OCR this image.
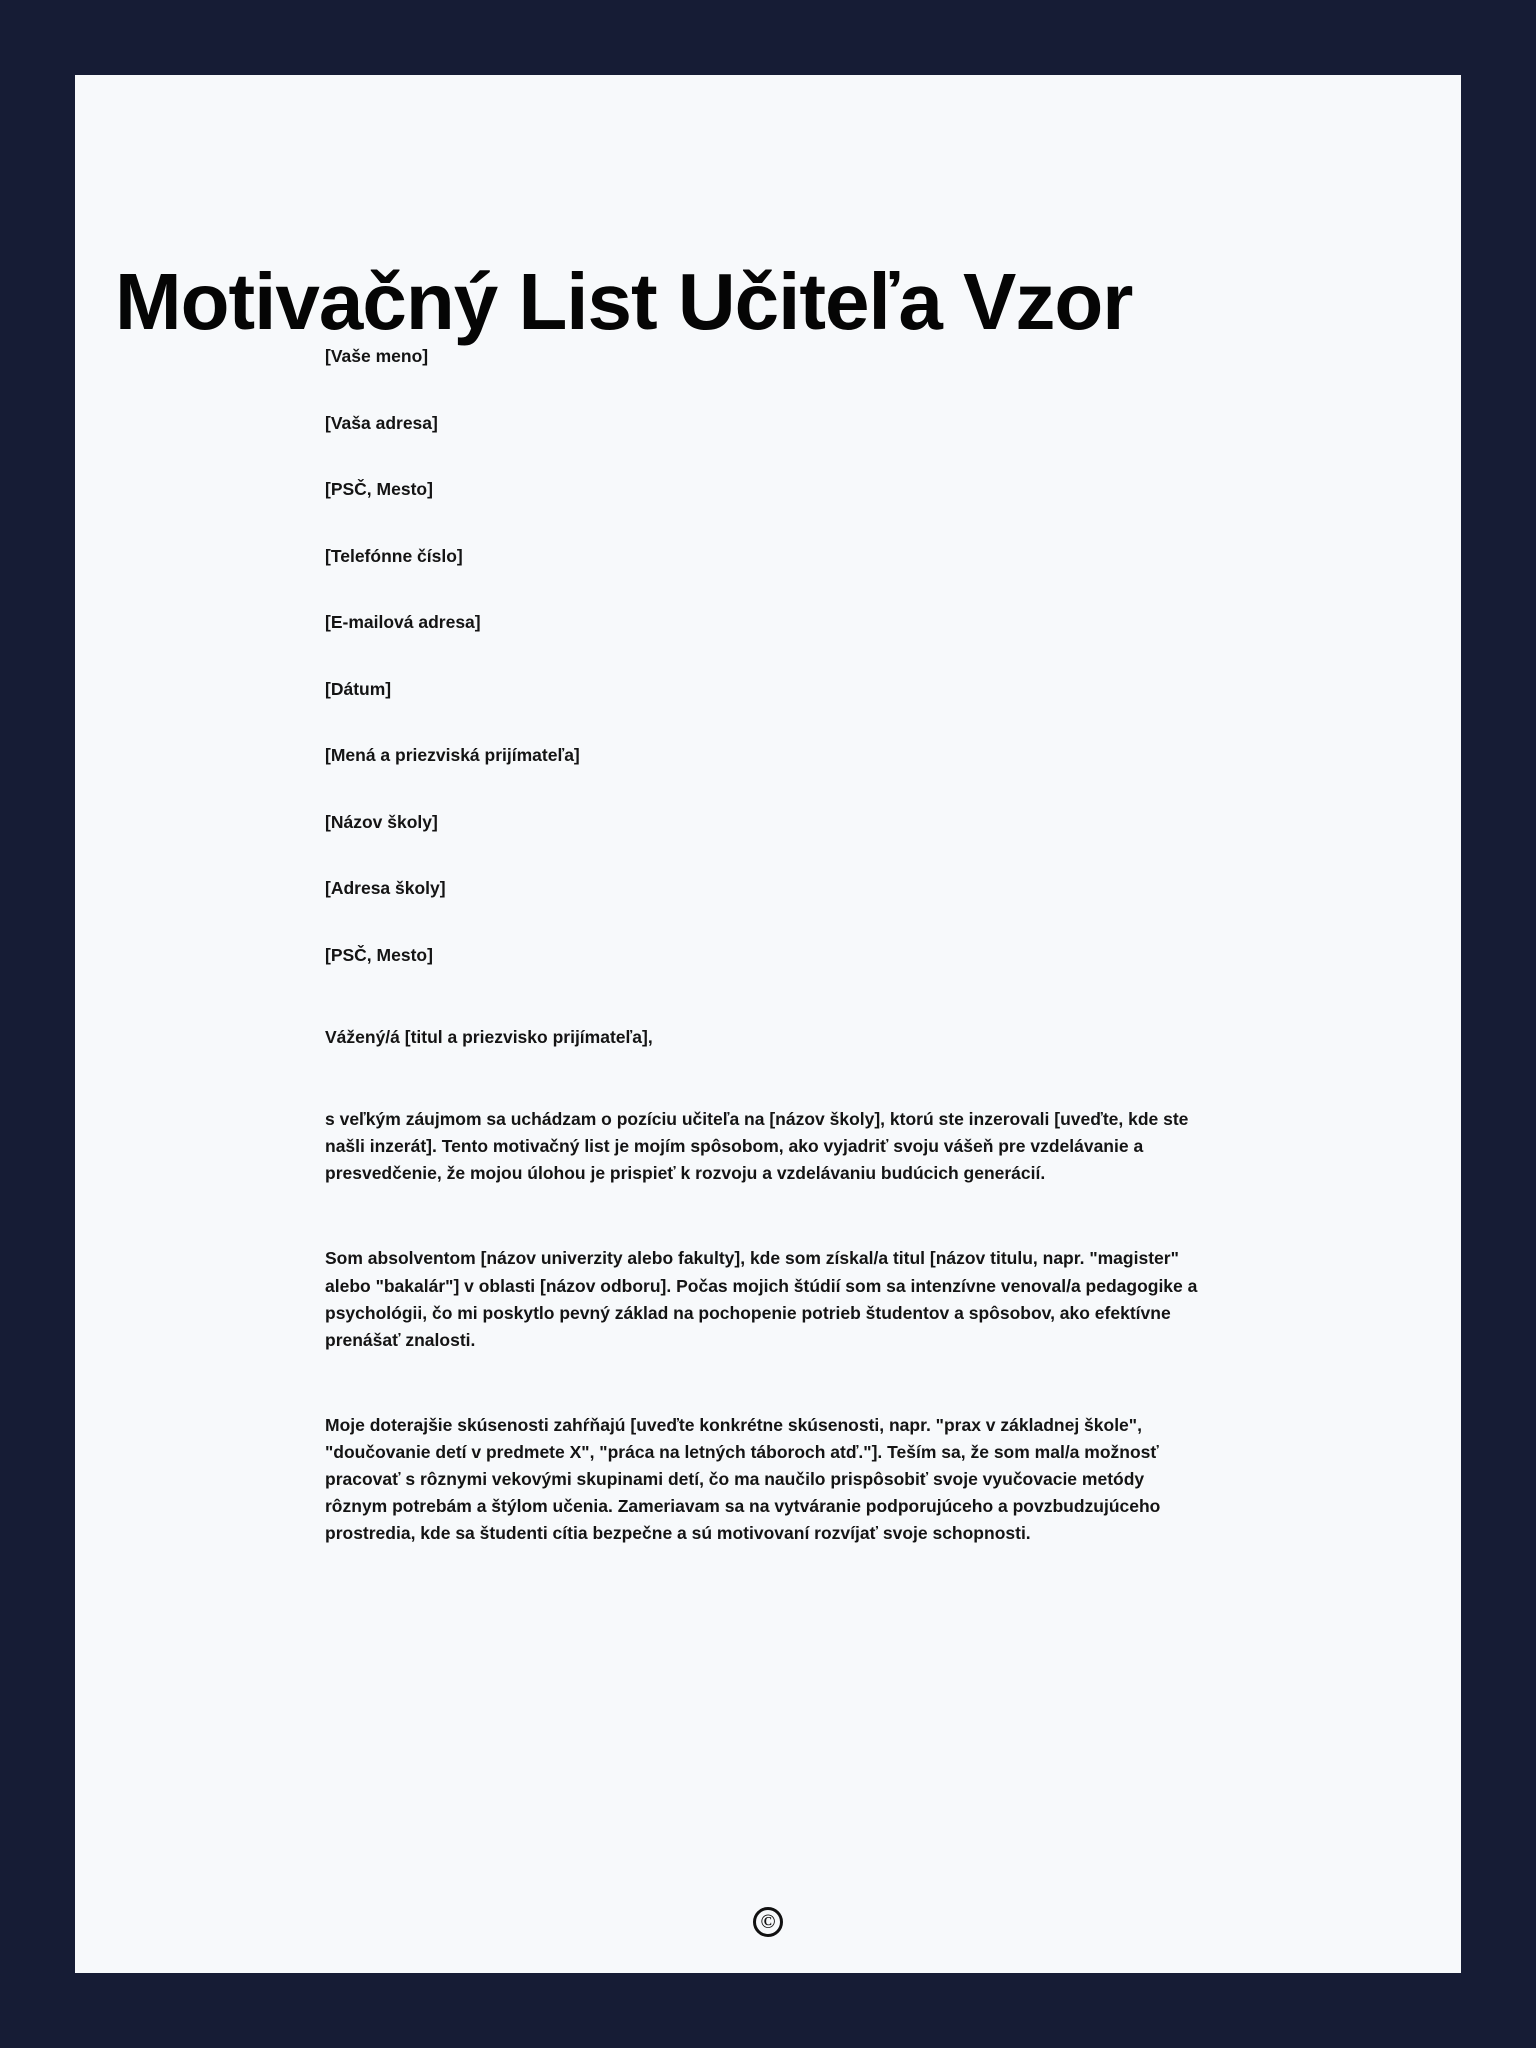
Motivačný List Učiteľa Vzor

[Vaše meno]

[Vaša adresa]

[PSČ, Mesto]

[Telefónne číslo]

[E-mailová adresa]

[Dátum]

[Mená a priezviská prijímateľa]

[Názov školy]

[Adresa školy]

[PSČ, Mesto]

Vážený/á [titul a priezvisko prijímateľa],

s veľkým záujmom sa uchádzam o pozíciu učiteľa na [názov školy], ktorú ste inzerovali [uveďte, kde ste našli inzerát]. Tento motivačný list je mojím spôsobom, ako vyjadriť svoju vášeň pre vzdelávanie a presvedčenie, že mojou úlohou je prispieť k rozvoju a vzdelávaniu budúcich generácií.

Som absolventom [názov univerzity alebo fakulty], kde som získal/a titul [názov titulu, napr. "magister" alebo "bakalár"] v oblasti [názov odboru]. Počas mojich štúdií som sa intenzívne venoval/a pedagogike a psychológii, čo mi poskytlo pevný základ na pochopenie potrieb študentov a spôsobov, ako efektívne prenášať znalosti.

Moje doterajšie skúsenosti zahŕňajú [uveďte konkrétne skúsenosti, napr. "prax v základnej škole", "doučovanie detí v predmete X", "práca na letných táboroch atď."]. Teším sa, že som mal/a možnosť pracovať s rôznymi vekovými skupinami detí, čo ma naučilo prispôsobiť svoje vyučovacie metódy rôznym potrebám a štýlom učenia. Zameriavam sa na vytváranie podporujúceho a povzbudzujúceho prostredia, kde sa študenti cítia bezpečne a sú motivovaní rozvíjať svoje schopnosti.

©
